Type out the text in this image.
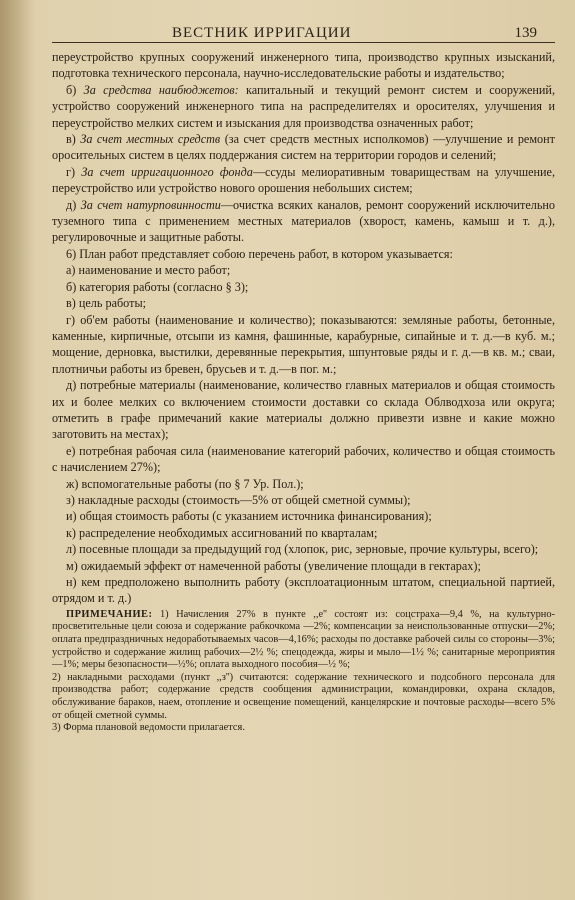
ВЕСТНИК ИРРИГАЦИИ	139

переустройство крупных сооружений инженерного типа, производство крупных изысканий, подготовка технического персонала, научно-исследовательские работы и издательство;

б) За средства наибюджетов: капитальный и текущий ремонт систем и сооружений, устройство сооружений инженерного типа на распределителях и оросителях, улучшения и переустройство мелких систем и изыскания для производства означенных работ;

в) За счет местных средств (за счет средств местных исполкомов) —улучшение и ремонт оросительных систем в целях поддержания систем на территории городов и селений;

г) За счет ирригационного фонда—ссуды мелиоративным товариществам на улучшение, переустройство или устройство нового орошения небольших систем;

д) За счет натурповинности—очистка всяких каналов, ремонт сооружений исключительно туземного типа с применением местных материалов (хворост, камень, камыш и т. д.), регулировочные и защитные работы.

6) План работ представляет собою перечень работ, в котором указывается:

а) наименование и место работ;

б) категория работы (согласно § 3);

в) цель работы;

г) об'ем работы (наименование и количество); показываются: земляные работы, бетонные, каменные, кирпичные, отсыпи из камня, фашинные, карабурные, сипайные и т. д.—в куб. м.; мощение, дерновка, выстилки, деревянные перекрытия, шпунтовые ряды и г. д.—в кв. м.; сваи, плотничьи работы из бревен, брусьев и т. д.—в пог. м.;

д) потребные материалы (наименование, количество главных материалов и общая стоимость их и более мелких со включением стоимости доставки со склада Облводхоза или округа; отметить в графе примечаний какие материалы должно привезти извне и какие можно заготовить на местах);

е) потребная рабочая сила (наименование категорий рабочих, количество и общая стоимость с начислением 27%);

ж) вспомогательные работы (по § 7 Ур. Пол.);

з) накладные расходы (стоимость—5% от общей сметной суммы);

и) общая стоимость работы (с указанием источника финансирования);

к) распределение необходимых ассигнований по кварталам;

л) посевные площади за предыдущий год (хлопок, рис, зерновые, прочие культуры, всего);

м) ожидаемый эффект от намеченной работы (увеличение площади в гектарах);

н) кем предположено выполнить работу (эксплоатационным штатом, специальной партией, отрядом и т. д.)

ПРИМЕЧАНИЕ: 1) Начисления 27% в пункте ,,е'' состоят из: соцстраха—9,4 %, на культурно-просветительные цели союза и содержание рабкочкома —2%; компенсации за неиспользованные отпуски—2%; оплата предпраздничных недоработываемых часов—4,16%; расходы по доставке рабочей силы со стороны—3%; устройство и содержание жилищ рабочих—2½ %; спецодежда, жиры и мыло—1½ %; санитарные мероприятия—1%; меры безопасности—½%; оплата выходного пособия—½ %;
2) накладными расходами (пункт ,,з'') считаются: содержание технического и подсобного персонала для производства работ; содержание средств сообщения администрации, командировки, охрана складов, обслуживание бараков, наем, отопление и освещение помещений, канцелярские и почтовые расходы—всего 5% от общей сметной суммы.
3) Форма плановой ведомости прилагается.
